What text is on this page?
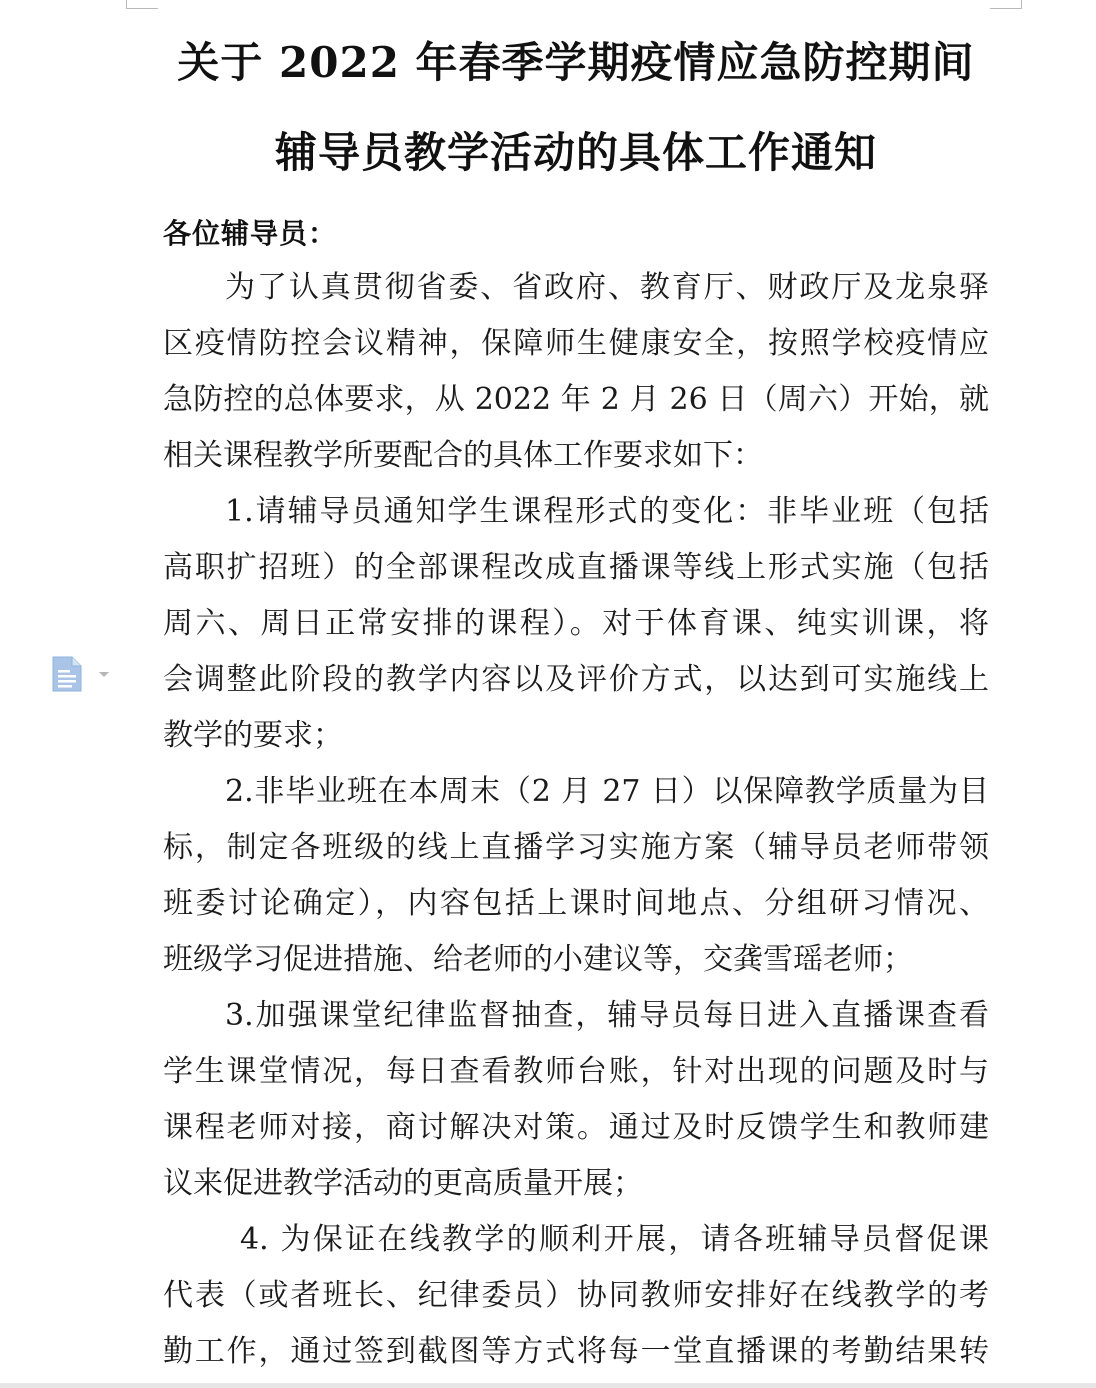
关于 2022 年春季学期疫情应急防控期间
辅导员教学活动的具体工作通知
各位辅导员：
为了认真贯彻省委、省政府、教育厅、财政厅及龙泉驿
区疫情防控会议精神，保障师生健康安全，按照学校疫情应
急防控的总体要求，从 2022 年 2 月 26 日（周六）开始，就
相关课程教学所要配合的具体工作要求如下：
1.请辅导员通知学生课程形式的变化：非毕业班（包括
高职扩招班）的全部课程改成直播课等线上形式实施（包括
周六、周日正常安排的课程）。对于体育课、纯实训课，将
会调整此阶段的教学内容以及评价方式，以达到可实施线上
教学的要求；
2.非毕业班在本周末（2 月 27 日）以保障教学质量为目
标，制定各班级的线上直播学习实施方案（辅导员老师带领
班委讨论确定），内容包括上课时间地点、分组研习情况、
班级学习促进措施、给老师的小建议等，交龚雪瑶老师；
3.加强课堂纪律监督抽查，辅导员每日进入直播课查看
学生课堂情况，每日查看教师台账，针对出现的问题及时与
课程老师对接，商讨解决对策。通过及时反馈学生和教师建
议来促进教学活动的更高质量开展；
4. 为保证在线教学的顺利开展，请各班辅导员督促课
代表（或者班长、纪律委员）协同教师安排好在线教学的考
勤工作，通过签到截图等方式将每一堂直播课的考勤结果转
